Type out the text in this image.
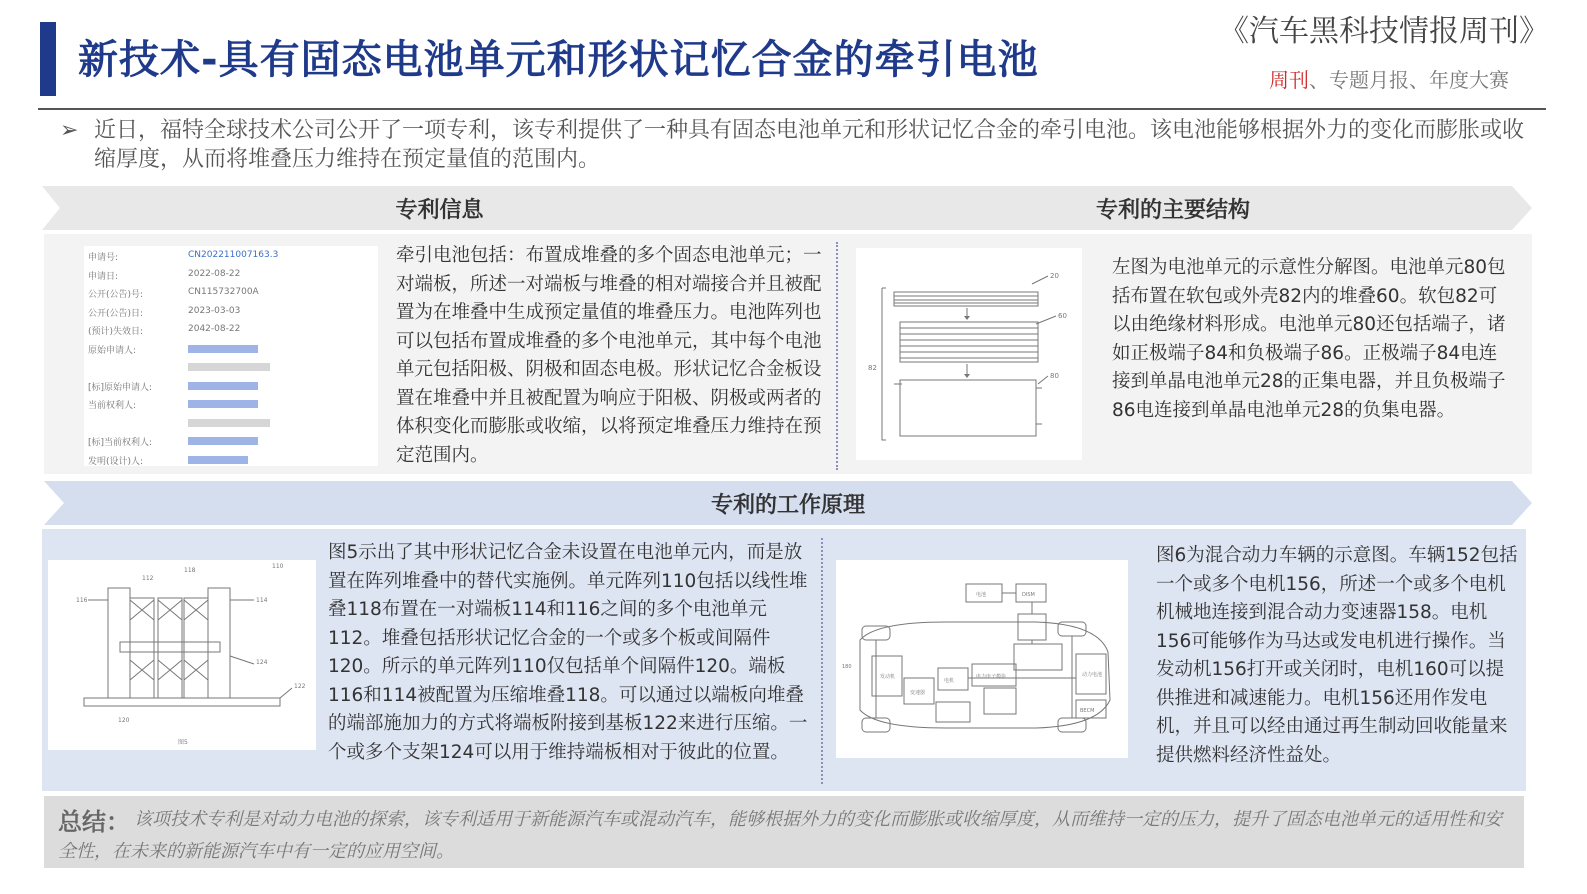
新技术-具有固态电池单元和形状记忆合金的牵引电池
《汽车黑科技情报周刊》
周刊、专题月报、年度大赛
➢ 近日，福特全球技术公司公开了一项专利，该专利提供了一种具有固态电池单元和形状记忆合金的牵引电池。该电池能够根据外力的变化而膨胀或收缩厚度，从而将堆叠压力维持在预定量值的范围内。
专利信息	专利的主要结构
申请号:	CN202211007163.3
申请日:	2022-08-22
公开(公告)号:	CN115732700A
公开(公告)日:	2023-03-03
(预计)失效日:	2042-08-22
原始申请人:
[标]原始申请人:
当前权利人:
[标]当前权利人:
发明(设计)人:
牵引电池包括：布置成堆叠的多个固态电池单元；一对端板，所述一对端板与堆叠的相对端接合并且被配置为在堆叠中生成预定量值的堆叠压力。电池阵列也可以包括布置成堆叠的多个电池单元，其中每个电池单元包括阳极、阴极和固态电极。形状记忆合金板设置在堆叠中并且被配置为响应于阳极、阴极或两者的体积变化而膨胀或收缩，以将预定堆叠压力维持在预定范围内。
20
60
80
82
左图为电池单元的示意性分解图。电池单元80包括布置在软包或外壳82内的堆叠60。软包82可以由绝缘材料形成。电池单元80还包括端子，诸如正极端子84和负极端子86。正极端子84电连接到单晶电池单元28的正集电器，并且负极端子86电连接到单晶电池单元28的负集电器。
专利的工作原理
116	114
112
118
110
124
122
120
图5
图5示出了其中形状记忆合金未设置在电池单元内，而是放置在阵列堆叠中的替代实施例。单元阵列110包括以线性堆叠118布置在一对端板114和116之间的多个电池单元112。堆叠包括形状记忆合金的一个或多个板或间隔件120。所示的单元阵列110仅包括单个间隔件120。端板116和114被配置为压缩堆叠118。可以通过以端板向堆叠的端部施加力的方式将端板附接到基板122来进行压缩。一个或多个支架124可以用于维持端板相对于彼此的位置。
电池	DISM
发动机
变速器
电机
电力电子模块	动力电池
BECM
180
图6为混合动力车辆的示意图。车辆152包括一个或多个电机156，所述一个或多个电机机械地连接到混合动力变速器158。电机156可能够作为马达或发电机进行操作。当发动机156打开或关闭时，电机160可以提供推进和减速能力。电机156还用作发电机，并且可以经由通过再生制动回收能量来提供燃料经济性益处。
总结： 该项技术专利是对动力电池的探索，该专利适用于新能源汽车或混动汽车，能够根据外力的变化而膨胀或收缩厚度，从而维持一定的压力，提升了固态电池单元的适用性和安全性，在未来的新能源汽车中有一定的应用空间。
